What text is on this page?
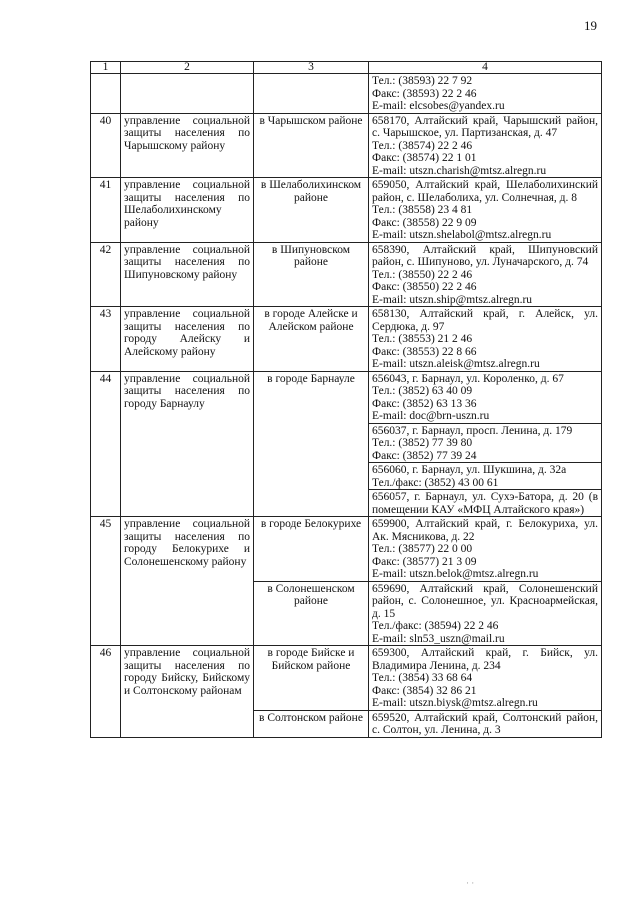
19
1	2	3	4

			Тел.: (38593) 22 7 92
Факс: (38593) 22 2 46
E-mail: elcsobes@yandex.ru

40	управление социальной защиты населения по Чарышскому району	в Чарышском районе	658170, Алтайский край, Чарышский район, с. Чарышское, ул. Партизанская, д. 47
Тел.: (38574) 22 2 46
Факс: (38574) 22 1 01
E-mail: utszn.charish@mtsz.alregn.ru

41	управление социальной защиты населения по Шелаболихинскому району	в Шелаболихинском районе	659050, Алтайский край, Шелаболихинский район, с. Шелаболиха, ул. Солнечная, д. 8
Тел.: (38558) 23 4 81
Факс: (38558) 22 9 09
E-mail: utszn.shelabol@mtsz.alregn.ru

42	управление социальной защиты населения по Шипуновскому району	в Шипуновском районе	658390, Алтайский край, Шипуновский район, с. Шипуново, ул. Луначарского, д. 74
Тел.: (38550) 22 2 46
Факс: (38550) 22 2 46
E-mail: utszn.ship@mtsz.alregn.ru

43	управление социальной защиты населения по городу Алейску и Алейскому району	в городе Алейске и Алейском районе	658130, Алтайский край, г. Алейск, ул. Сердюка, д. 97
Тел.: (38553) 21 2 46
Факс: (38553) 22 8 66
E-mail: utszn.aleisk@mtsz.alregn.ru

44	управление социальной защиты населения по городу Барнаулу	в городе Барнауле	656043, г. Барнаул, ул. Короленко, д. 67
Тел.: (3852) 63 40 09
Факс: (3852) 63 13 36
E-mail: doc@brn-uszn.ru

			656037, г. Барнаул, просп. Ленина, д. 179
Тел.: (3852) 77 39 80
Факс: (3852) 77 39 24

			656060, г. Барнаул, ул. Шукшина, д. 32а
Тел./факс: (3852) 43 00 61

			656057, г. Барнаул, ул. Сухэ-Батора, д. 20 (в помещении КАУ «МФЦ Алтайского края»)

45	управление социальной защиты населения по городу Белокурихе и Солонешенскому району	в городе Белокурихе	659900, Алтайский край, г. Белокуриха, ул. Ак. Мясникова, д. 22
Тел.: (38577) 22 0 00
Факс: (38577) 21 3 09
E-mail: utszn.belok@mtsz.alregn.ru

		в Солонешенском районе	659690, Алтайский край, Солонешенский район, с. Солонешное, ул. Красноармейская, д. 15
Тел./факс: (38594) 22 2 46
E-mail: sln53_uszn@mail.ru

46	управление социальной защиты населения по городу Бийску, Бийскому и Солтонскому районам	в городе Бийске и Бийском районе	659300, Алтайский край, г. Бийск, ул. Владимира Ленина, д. 234
Тел.: (3854) 33 68 64
Факс: (3854) 32 86 21
E-mail: utszn.biysk@mtsz.alregn.ru

		в Солтонском районе	659520, Алтайский край, Солтонский район, с. Солтон, ул. Ленина, д. 3
· ·
